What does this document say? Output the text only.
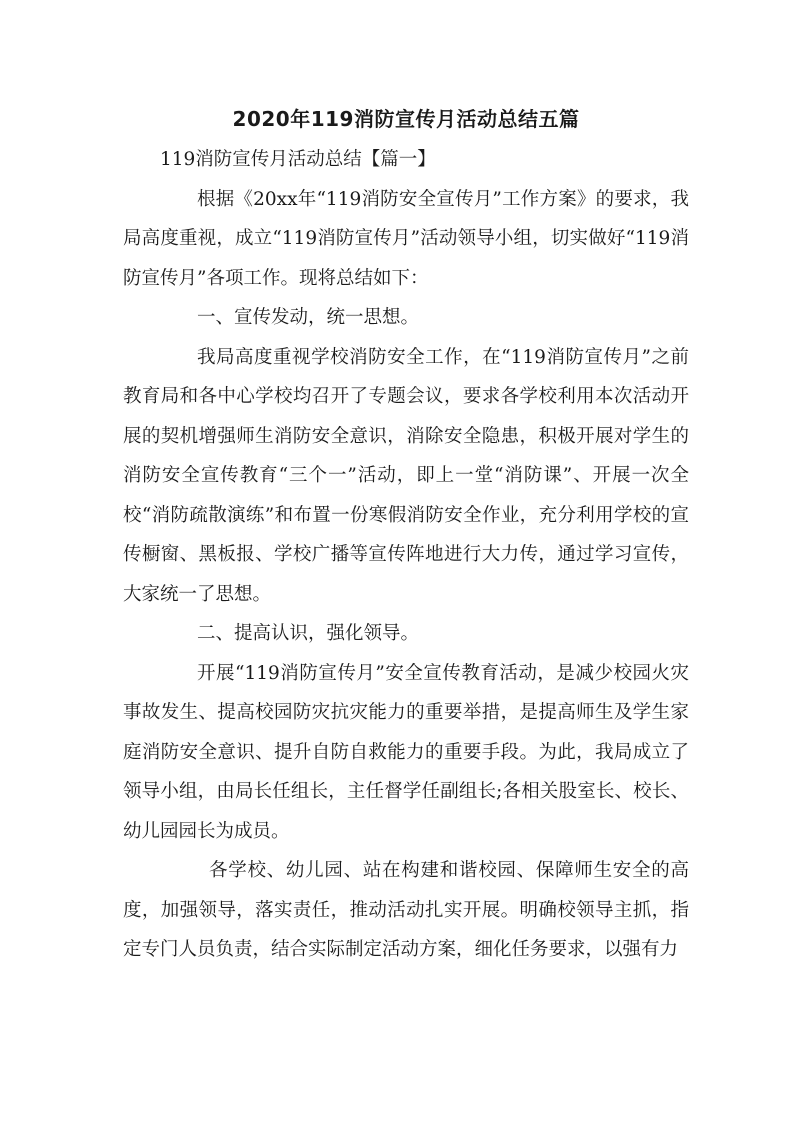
2020年119消防宣传月活动总结五篇

119消防宣传月活动总结【篇一】

根据《20xx年“119消防安全宣传月”工作方案》的要求，我局高度重视，成立“119消防宣传月”活动领导小组，切实做好“119消防宣传月”各项工作。现将总结如下：

一、宣传发动，统一思想。

我局高度重视学校消防安全工作，在“119消防宣传月”之前教育局和各中心学校均召开了专题会议，要求各学校利用本次活动开展的契机增强师生消防安全意识，消除安全隐患，积极开展对学生的消防安全宣传教育“三个一”活动，即上一堂“消防课”、开展一次全校“消防疏散演练”和布置一份寒假消防安全作业，充分利用学校的宣传橱窗、黑板报、学校广播等宣传阵地进行大力传，通过学习宣传，大家统一了思想。

二、提高认识，强化领导。

开展“119消防宣传月”安全宣传教育活动，是减少校园火灾事故发生、提高校园防灾抗灾能力的重要举措，是提高师生及学生家庭消防安全意识、提升自防自救能力的重要手段。为此，我局成立了领导小组，由局长任组长，主任督学任副组长;各相关股室长、校长、幼儿园园长为成员。

各学校、幼儿园、站在构建和谐校园、保障师生安全的高度，加强领导，落实责任，推动活动扎实开展。明确校领导主抓，指定专门人员负责，结合实际制定活动方案，细化任务要求，以强有力
